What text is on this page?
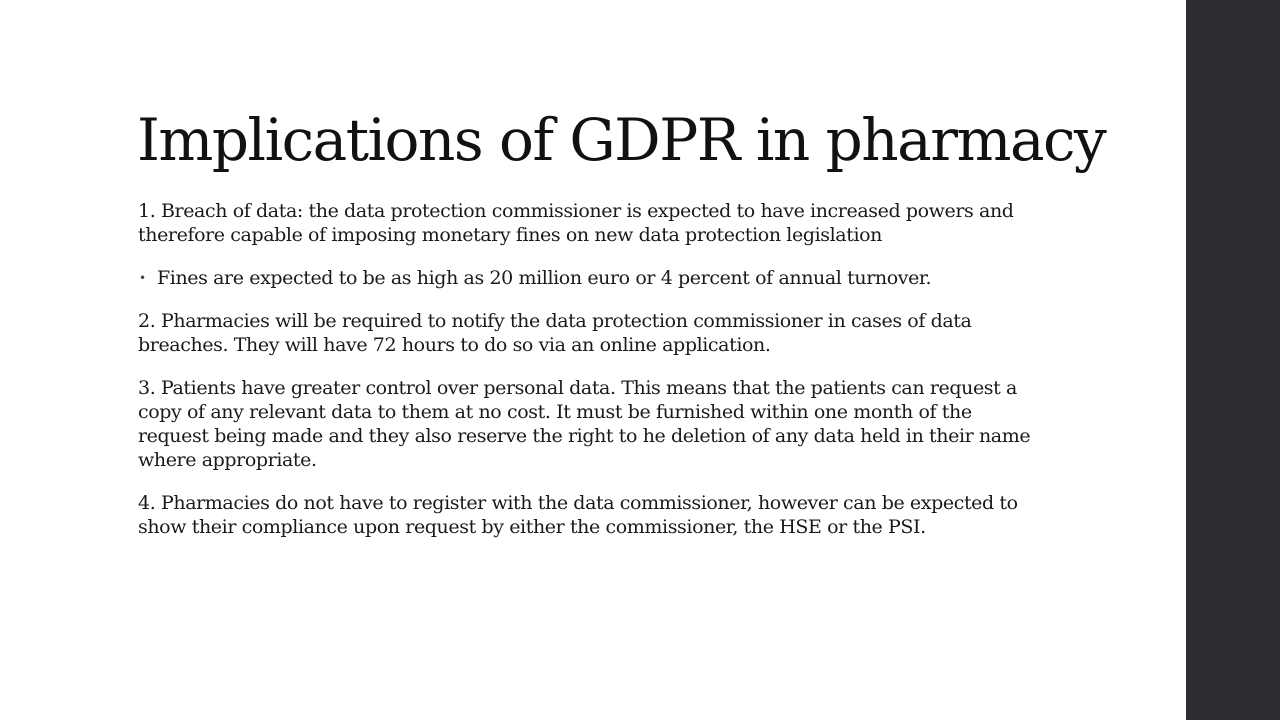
Implications of GDPR in pharmacy

1. Breach of data: the data protection commissioner is expected to have increased powers and therefore capable of imposing monetary fines on new data protection legislation

• Fines are expected to be as high as 20 million euro or 4 percent of annual turnover.

2. Pharmacies will be required to notify the data protection commissioner in cases of data breaches. They will have 72 hours to do so via an online application.

3. Patients have greater control over personal data. This means that the patients can request a copy of any relevant data to them at no cost. It must be furnished within one month of the request being made and they also reserve the right to he deletion of any data held in their name where appropriate.

4. Pharmacies do not have to register with the data commissioner, however can be expected to show their compliance upon request by either the commissioner, the HSE or the PSI.
